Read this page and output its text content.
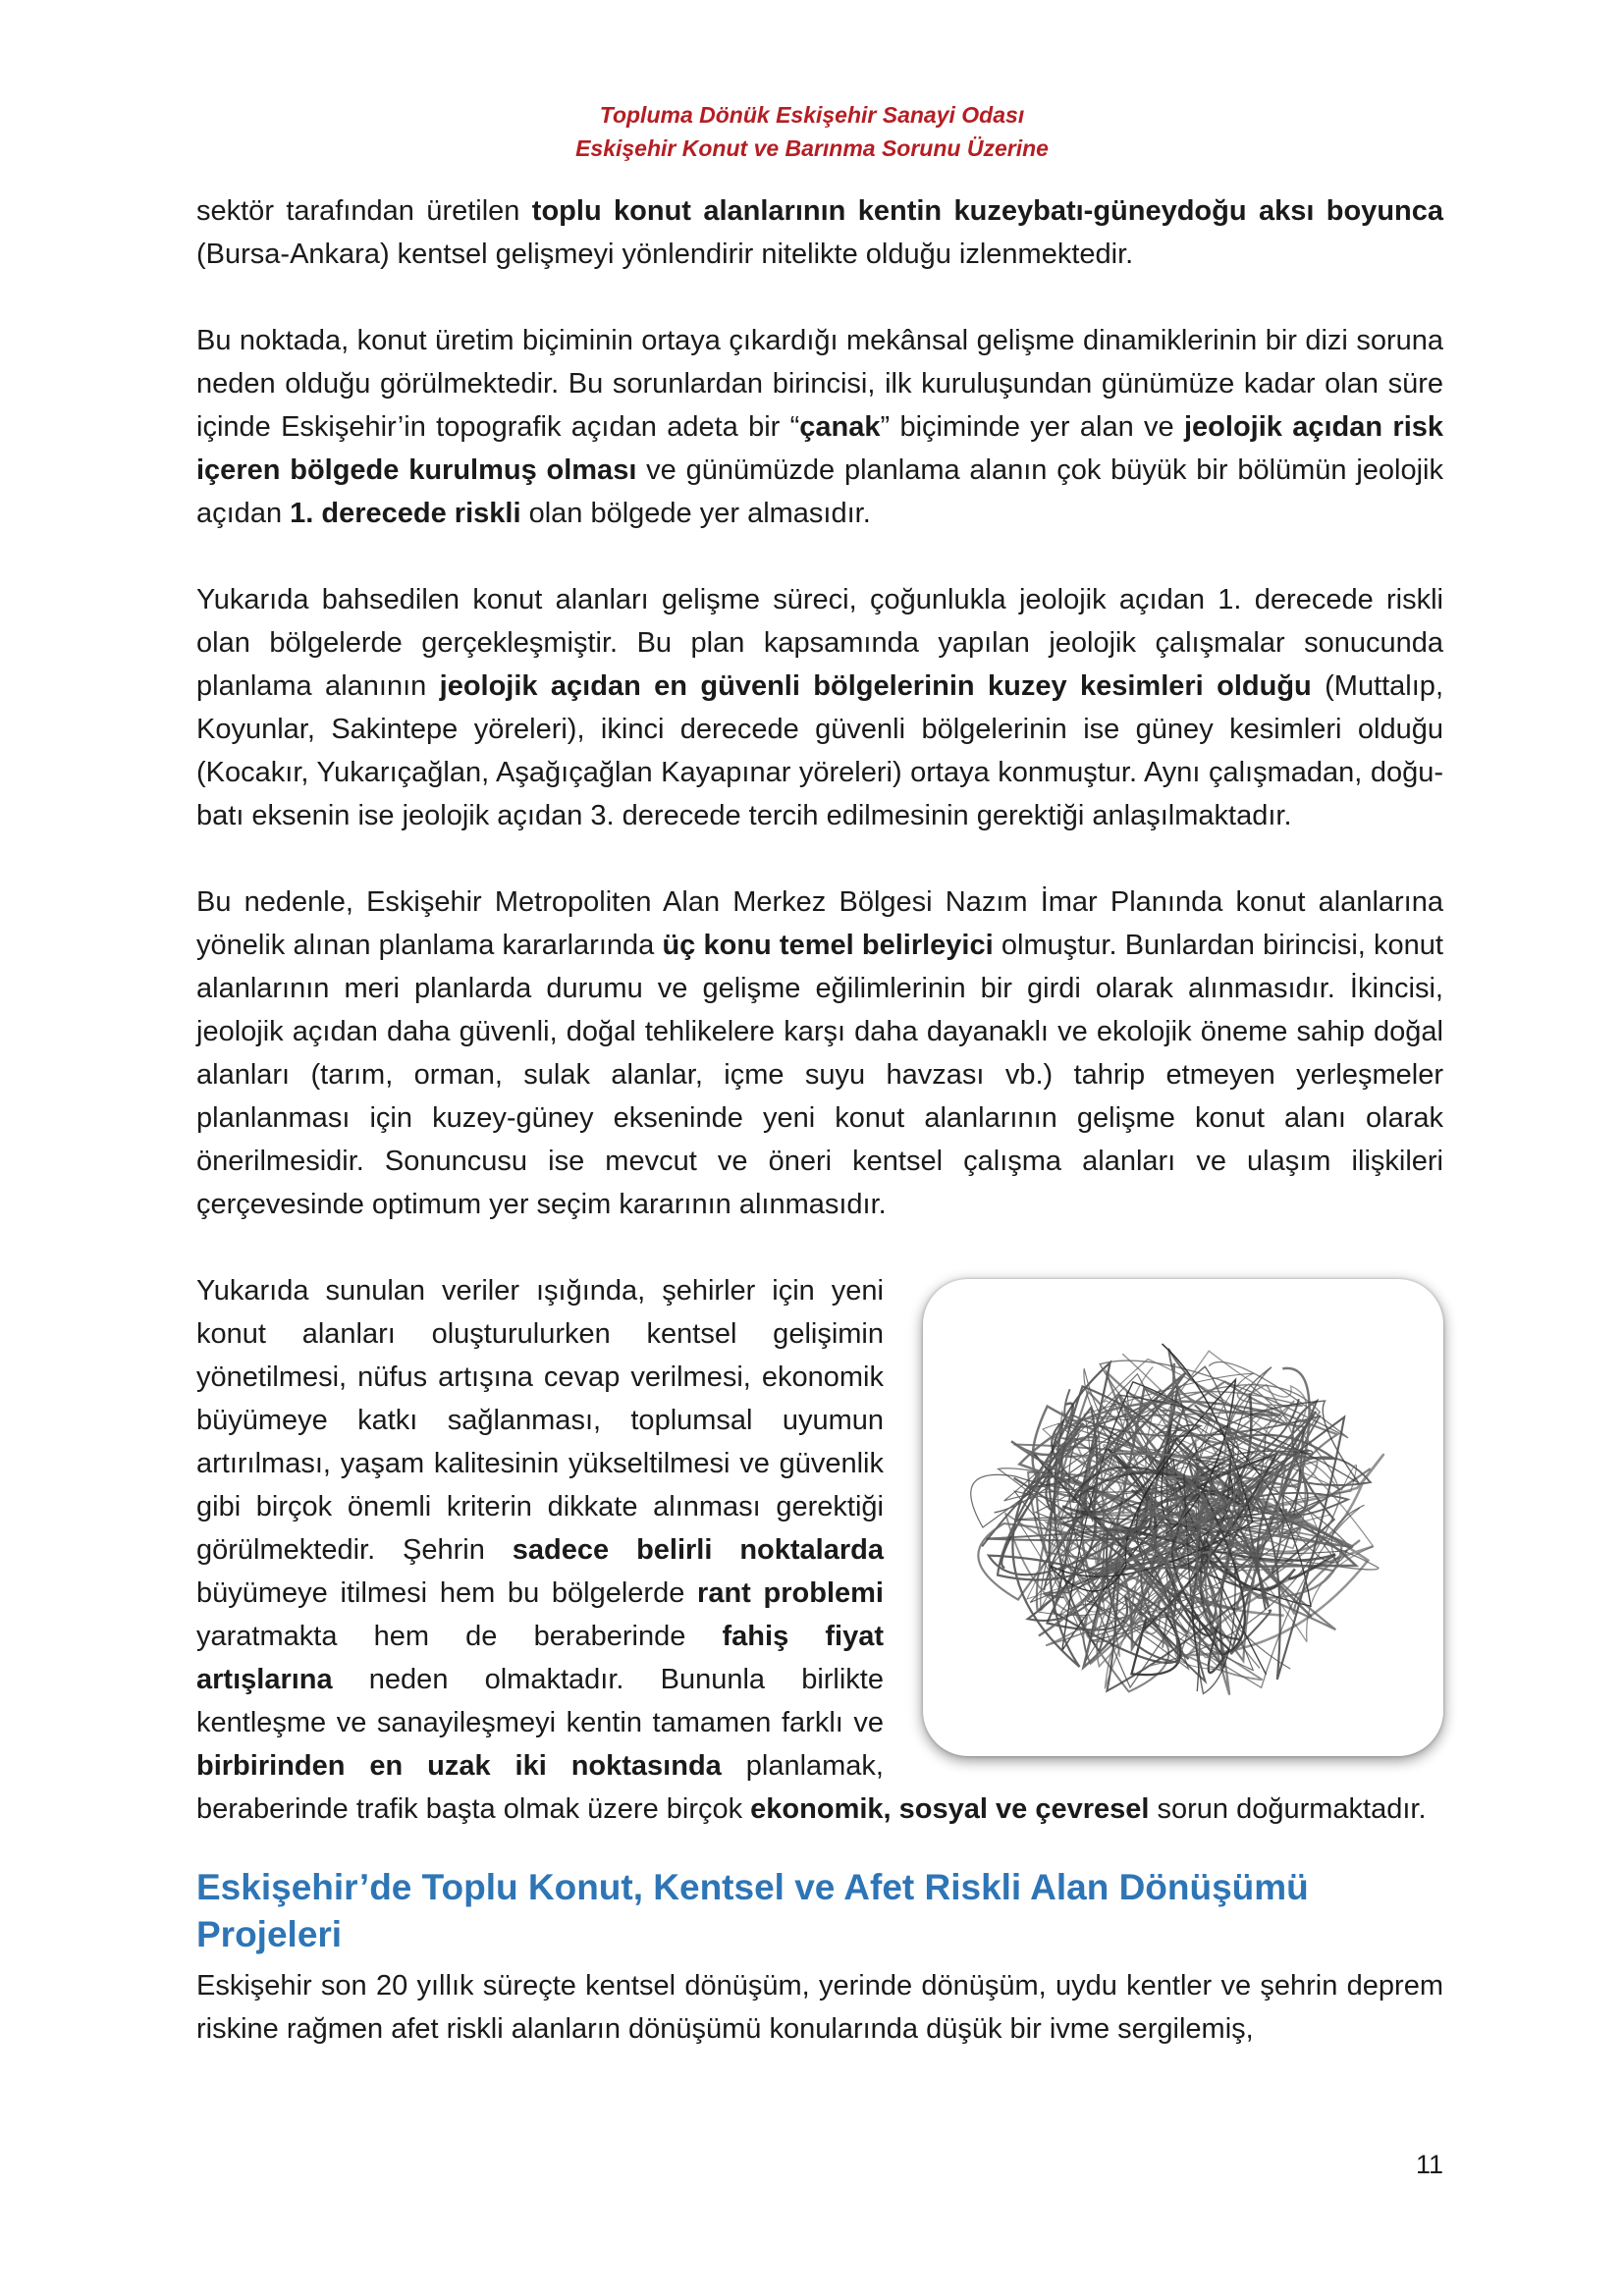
Topluma Dönük Eskişehir Sanayi Odası
Eskişehir Konut ve Barınma Sorunu Üzerine

sektör tarafından üretilen toplu konut alanlarının kentin kuzeybatı-güneydoğu aksı boyunca (Bursa-Ankara) kentsel gelişmeyi yönlendirir nitelikte olduğu izlenmektedir.

Bu noktada, konut üretim biçiminin ortaya çıkardığı mekânsal gelişme dinamiklerinin bir dizi soruna neden olduğu görülmektedir. Bu sorunlardan birincisi, ilk kuruluşundan günümüze kadar olan süre içinde Eskişehir’in topografik açıdan adeta bir “çanak” biçiminde yer alan ve jeolojik açıdan risk içeren bölgede kurulmuş olması ve günümüzde planlama alanın çok büyük bir bölümün jeolojik açıdan 1. derecede riskli olan bölgede yer almasıdır.

Yukarıda bahsedilen konut alanları gelişme süreci, çoğunlukla jeolojik açıdan 1. derecede riskli olan bölgelerde gerçekleşmiştir. Bu plan kapsamında yapılan jeolojik çalışmalar sonucunda planlama alanının jeolojik açıdan en güvenli bölgelerinin kuzey kesimleri olduğu (Muttalıp, Koyunlar, Sakintepe yöreleri), ikinci derecede güvenli bölgelerinin ise güney kesimleri olduğu (Kocakır, Yukarıçağlan, Aşağıçağlan Kayapınar yöreleri) ortaya konmuştur. Aynı çalışmadan, doğu-batı eksenin ise jeolojik açıdan 3. derecede tercih edilmesinin gerektiği anlaşılmaktadır.

Bu nedenle, Eskişehir Metropoliten Alan Merkez Bölgesi Nazım İmar Planında konut alanlarına yönelik alınan planlama kararlarında üç konu temel belirleyici olmuştur. Bunlardan birincisi, konut alanlarının meri planlarda durumu ve gelişme eğilimlerinin bir girdi olarak alınmasıdır. İkincisi, jeolojik açıdan daha güvenli, doğal tehlikelere karşı daha dayanaklı ve ekolojik öneme sahip doğal alanları (tarım, orman, sulak alanlar, içme suyu havzası vb.) tahrip etmeyen yerleşmeler planlanması için kuzey-güney ekseninde yeni konut alanlarının gelişme konut alanı olarak önerilmesidir. Sonuncusu ise mevcut ve öneri kentsel çalışma alanları ve ulaşım ilişkileri çerçevesinde optimum yer seçim kararının alınmasıdır.

Yukarıda sunulan veriler ışığında, şehirler için yeni konut alanları oluşturulurken kentsel gelişimin yönetilmesi, nüfus artışına cevap verilmesi, ekonomik büyümeye katkı sağlanması, toplumsal uyumun artırılması, yaşam kalitesinin yükseltilmesi ve güvenlik gibi birçok önemli kriterin dikkate alınması gerektiği görülmektedir. Şehrin sadece belirli noktalarda büyümeye itilmesi hem bu bölgelerde rant problemi yaratmakta hem de beraberinde fahiş fiyat artışlarına neden olmaktadır. Bununla birlikte kentleşme ve sanayileşmeyi kentin tamamen farklı ve birbirinden en uzak iki noktasında planlamak, beraberinde trafik başta olmak üzere birçok ekonomik, sosyal ve çevresel sorun doğurmaktadır.

Eskişehir’de Toplu Konut, Kentsel ve Afet Riskli Alan Dönüşümü Projeleri

Eskişehir son 20 yıllık süreçte kentsel dönüşüm, yerinde dönüşüm, uydu kentler ve şehrin deprem riskine rağmen afet riskli alanların dönüşümü konularında düşük bir ivme sergilemiş,

11
